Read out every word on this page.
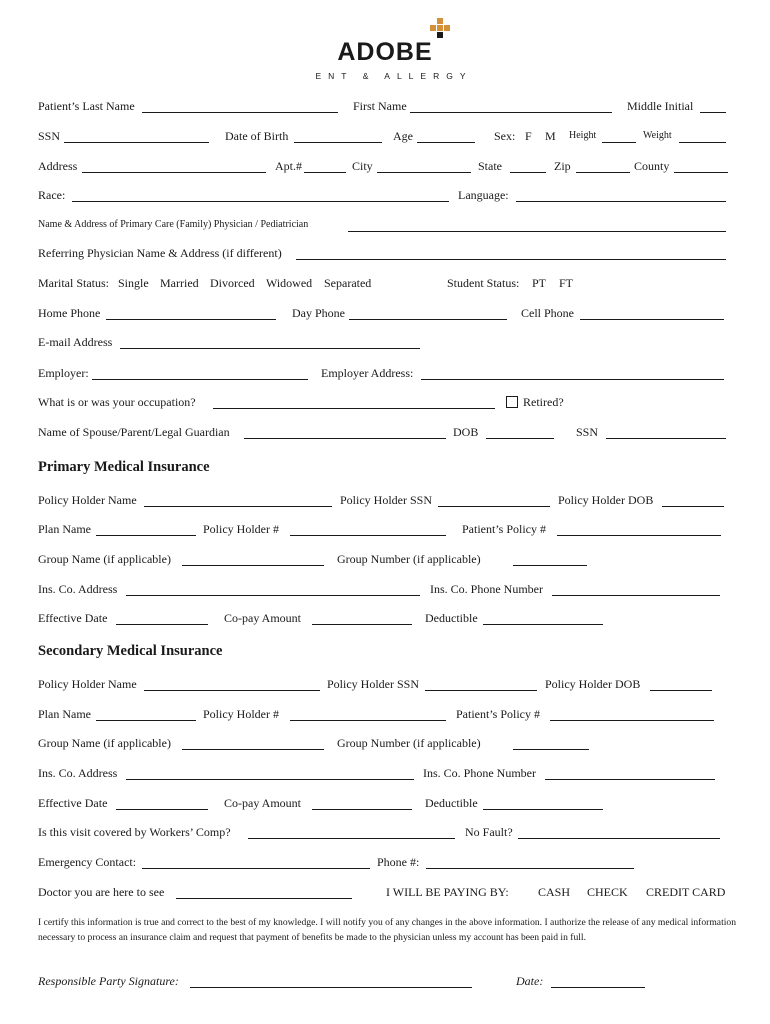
ADOBE
ENT & ALLERGY
Patient’s Last Name	First Name	Middle Initial
SSN	Date of Birth	Age	Sex: F M Height	Weight
Address	Apt.#	City	State	Zip	County
Race:	Language:
Name & Address of Primary Care (Family) Physician / Pediatrician
Referring Physician Name & Address (if different)
Marital Status: Single Married Divorced Widowed Separated	Student Status: PT FT
Home Phone	Day Phone	Cell Phone
E-mail Address
Employer:	Employer Address:
What is or was your occupation?	Retired?
Name of Spouse/Parent/Legal Guardian	DOB	SSN
Primary Medical Insurance
Policy Holder Name	Policy Holder SSN	Policy Holder DOB
Plan Name	Policy Holder #	Patient’s Policy #
Group Name (if applicable)	Group Number (if applicable)
Ins. Co. Address	Ins. Co. Phone Number
Effective Date	Co-pay Amount	Deductible
Secondary Medical Insurance
Policy Holder Name	Policy Holder SSN	Policy Holder DOB
Plan Name	Policy Holder #	Patient’s Policy #
Group Name (if applicable)	Group Number (if applicable)
Ins. Co. Address	Ins. Co. Phone Number
Effective Date	Co-pay Amount	Deductible
Is this visit covered by Workers’ Comp?	No Fault?
Emergency Contact:	Phone #:
Doctor you are here to see	I WILL BE PAYING BY: CASH CHECK CREDIT CARD
I certify this information is true and correct to the best of my knowledge. I will notify you of any changes in the above information. I authorize the release of any medical information necessary to process an insurance claim and request that payment of benefits be made to the physician unless my account has been paid in full.
Responsible Party Signature:	Date:
